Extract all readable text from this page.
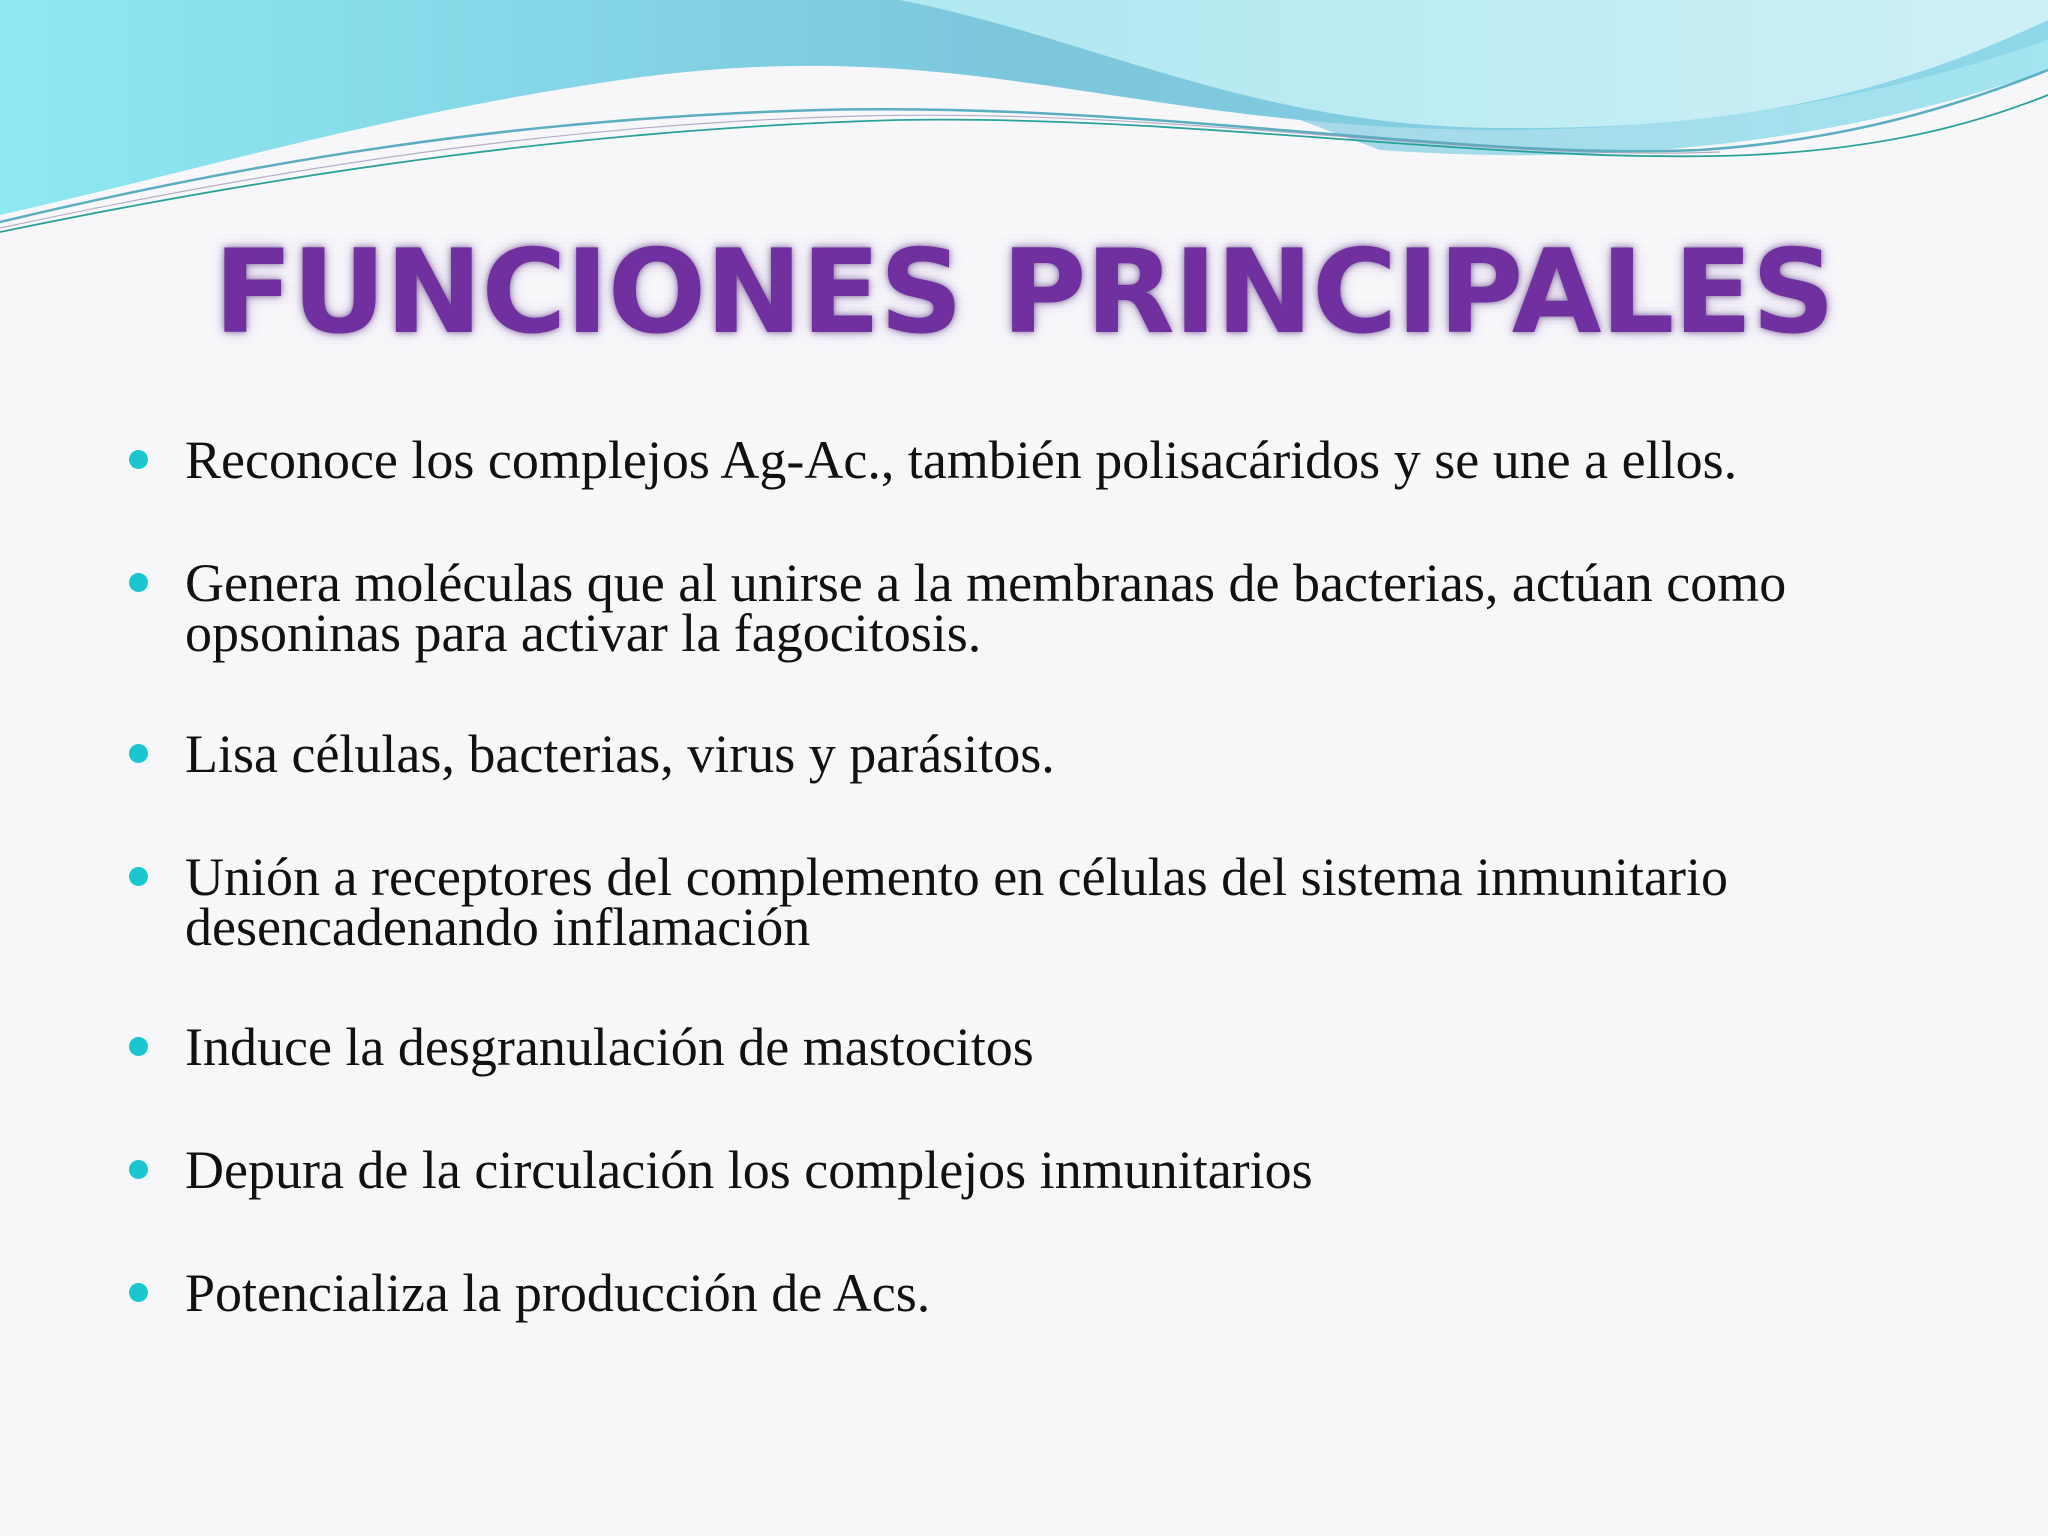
FUNCIONES PRINCIPALES
Reconoce los complejos Ag-Ac., también polisacáridos y se une a ellos.
Genera moléculas que al unirse a la membranas de bacterias, actúan como opsoninas para activar la fagocitosis.
Lisa células, bacterias, virus y parásitos.
Unión a receptores del complemento en células del sistema inmunitario desencadenando inflamación
Induce la desgranulación de mastocitos
Depura de la circulación los complejos inmunitarios
Potencializa la producción de Acs.
